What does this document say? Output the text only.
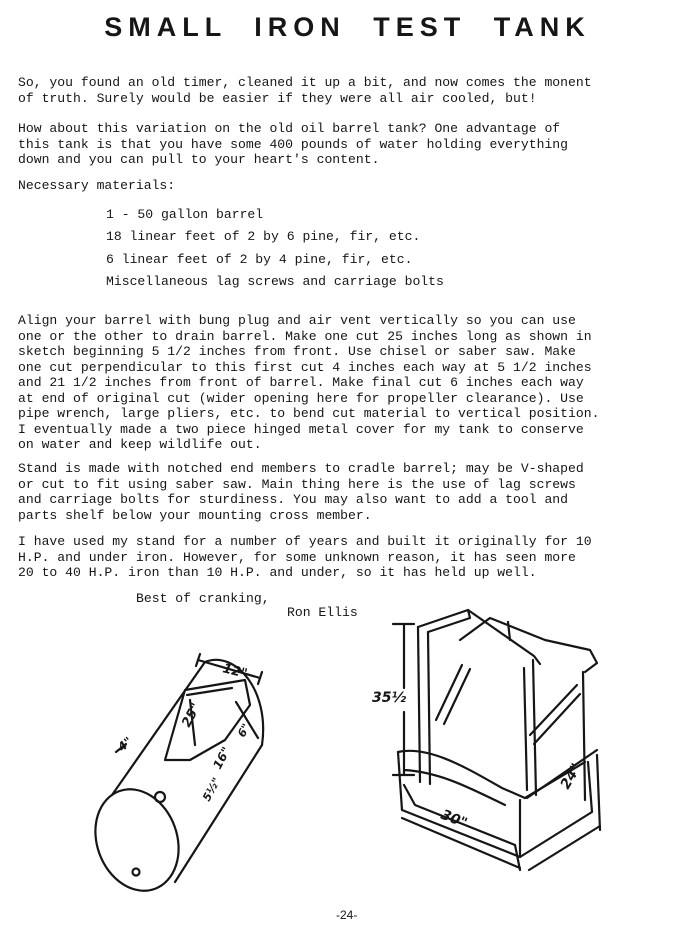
SMALL IRON TEST TANK

So, you found an old timer, cleaned it up a bit, and now comes the monent
of truth. Surely would be easier if they were all air cooled, but!

How about this variation on the old oil barrel tank? One advantage of
this tank is that you have some 400 pounds of water holding everything
down and you can pull to your heart's content.

Necessary materials:

1 - 50 gallon barrel
18 linear feet of 2 by 6 pine, fir, etc.
6 linear feet of 2 by 4 pine, fir, etc.
Miscellaneous lag screws and carriage bolts

Align your barrel with bung plug and air vent vertically so you can use
one or the other to drain barrel. Make one cut 25 inches long as shown in
sketch beginning 5 1/2 inches from front. Use chisel or saber saw. Make
one cut perpendicular to this first cut 4 inches each way at 5 1/2 inches
and 21 1/2 inches from front of barrel. Make final cut 6 inches each way
at end of original cut (wider opening here for propeller clearance). Use
pipe wrench, large pliers, etc. to bend cut material to vertical position.
I eventually made a two piece hinged metal cover for my tank to conserve
on water and keep wildlife out.

Stand is made with notched end members to cradle barrel; may be V-shaped
or cut to fit using saber saw. Main thing here is the use of lag screws
and carriage bolts for sturdiness. You may also want to add a tool and
parts shelf below your mounting cross member.

I have used my stand for a number of years and built it originally for 10
H.P. and under iron. However, for some unknown reason, it has seen more
20 to 40 H.P. iron than 10 H.P. and under, so it has held up well.

Best of cranking,

Ron Ellis

12"
25"
4"
16"
6"
5½"
35½
30"
24"
-24-
